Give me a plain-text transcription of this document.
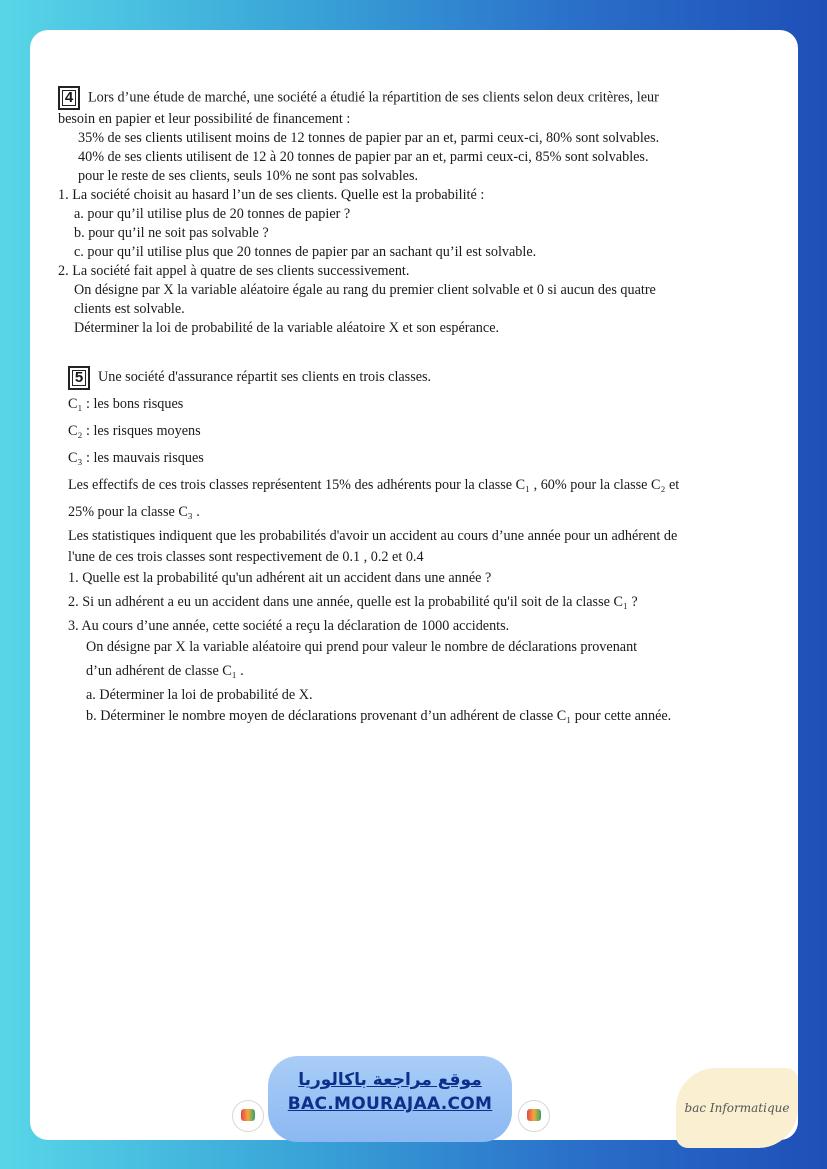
4 Lors d’une étude de marché, une société a étudié la répartition de ses clients selon deux critères, leur
besoin en papier et leur possibilité de financement :
35% de ses clients utilisent moins de 12 tonnes de papier par an et, parmi ceux-ci, 80% sont solvables.
40% de ses clients utilisent de 12 à 20 tonnes de papier par an et, parmi ceux-ci, 85% sont solvables.
pour le reste de ses clients, seuls 10% ne sont pas solvables.
1. La société choisit au hasard l’un de ses clients. Quelle est la probabilité :
a. pour qu’il utilise plus de 20 tonnes de papier ?
b. pour qu’il ne soit pas solvable ?
c. pour qu’il utilise plus que 20 tonnes de papier par an sachant qu’il est solvable.
2. La société fait appel à quatre de ses clients successivement.
On désigne par X la variable aléatoire égale au rang du premier client solvable et 0 si aucun des quatre
clients est solvable.
Déterminer la loi de probabilité de la variable aléatoire X et son espérance.
5 Une société d'assurance répartit ses clients en trois classes.
C₁ : les bons risques
C₂ : les risques moyens
C₃ : les mauvais risques
Les effectifs de ces trois classes représentent 15% des adhérents pour la classe C₁ , 60% pour la classe C₂ et
25% pour la classe C₃ .
Les statistiques indiquent que les probabilités d'avoir un accident au cours d’une année pour un adhérent de
l'une de ces trois classes sont respectivement de 0.1 , 0.2 et 0.4
1. Quelle est la probabilité qu'un adhérent ait un accident dans une année ?
2. Si un adhérent a eu un accident dans une année, quelle est la probabilité qu'il soit de la classe C₁ ?
3. Au cours d’une année, cette société a reçu la déclaration de 1000 accidents.
On désigne par X la variable aléatoire qui prend pour valeur le nombre de déclarations provenant
d’un adhérent de classe C₁ .
a. Déterminer la loi de probabilité de X.
b. Déterminer le nombre moyen de déclarations provenant d’un adhérent de classe C₁ pour cette année.
موقع مراجعة باكالوريا
BAC.MOURAJAA.COM	bac Informatique
